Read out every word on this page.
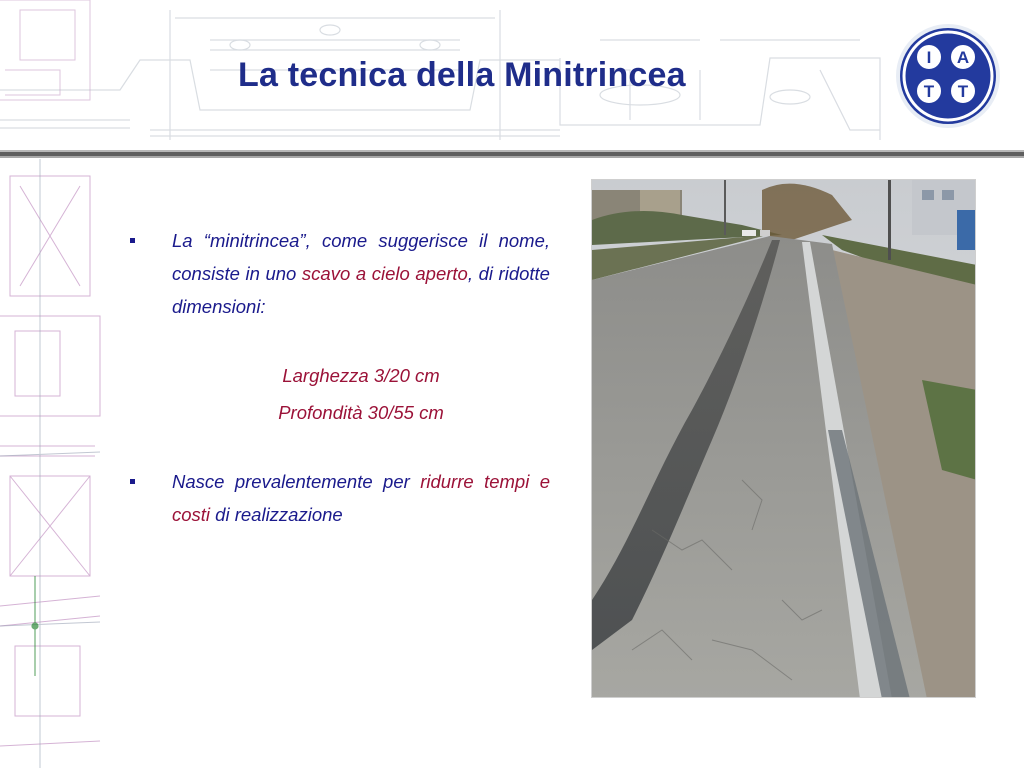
La tecnica della Minitrincea	I A
T T
La “minitrincea”, come suggerisce il nome, consiste in uno scavo a cielo aperto, di ridotte dimensioni:
Larghezza 3/20 cm
Profondità 30/55 cm
Nasce prevalentemente per ridurre tempi e costi di realizzazione
